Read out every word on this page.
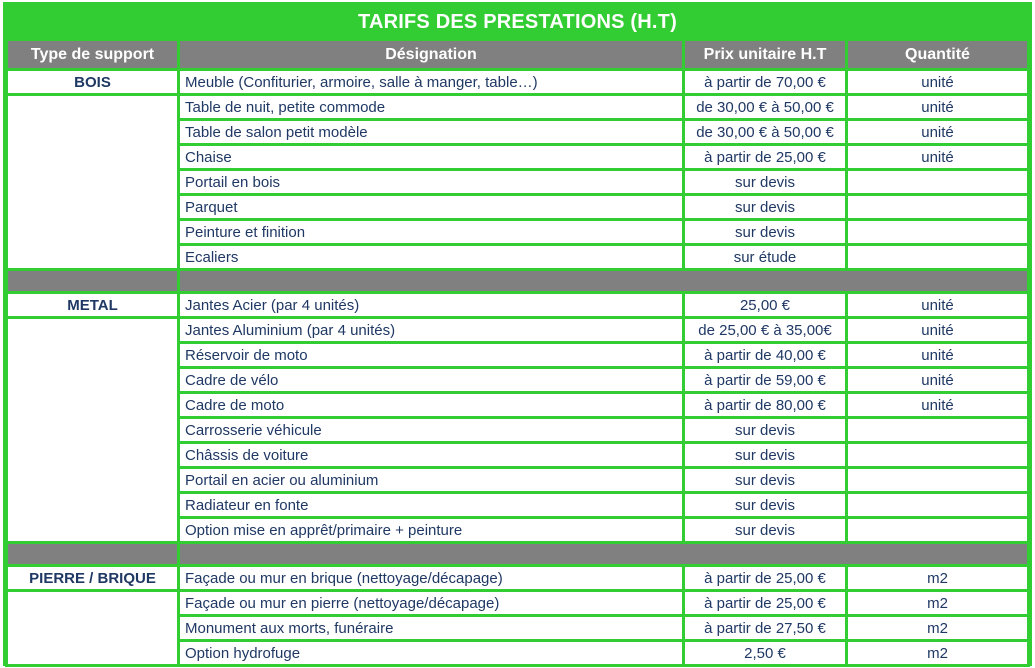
TARIFS DES PRESTATIONS (H.T)			
Type de support	Désignation	Prix unitaire H.T	Quantité
BOIS	Meuble (Confiturier, armoire, salle à manger, table…)	à partir de 70,00 €	unité
	Table de nuit, petite commode	de 30,00 € à 50,00 €	unité
	Table de salon petit modèle	de 30,00 € à 50,00 €	unité
	Chaise	à partir de 25,00 €	unité
	Portail en bois	sur devis	
	Parquet	sur devis	
	Peinture et finition	sur devis	
	Ecaliers	sur étude	

METAL	Jantes Acier (par 4 unités)	25,00 €	unité
	Jantes Aluminium (par 4 unités)	de 25,00 € à 35,00€	unité
	Réservoir de moto	à partir de 40,00 €	unité
	Cadre de vélo	à partir de 59,00 €	unité
	Cadre de moto	à partir de 80,00 €	unité
	Carrosserie véhicule	sur devis	
	Châssis de voiture	sur devis	
	Portail en acier ou aluminium	sur devis	
	Radiateur en fonte	sur devis	
	Option mise en apprêt/primaire + peinture	sur devis	

PIERRE / BRIQUE	Façade ou mur en brique (nettoyage/décapage)	à partir de 25,00 €	m2
	Façade ou mur en pierre (nettoyage/décapage)	à partir de 25,00 €	m2
	Monument aux morts, funéraire	à partir de 27,50 €	m2
	Option hydrofuge	2,50 €	m2
